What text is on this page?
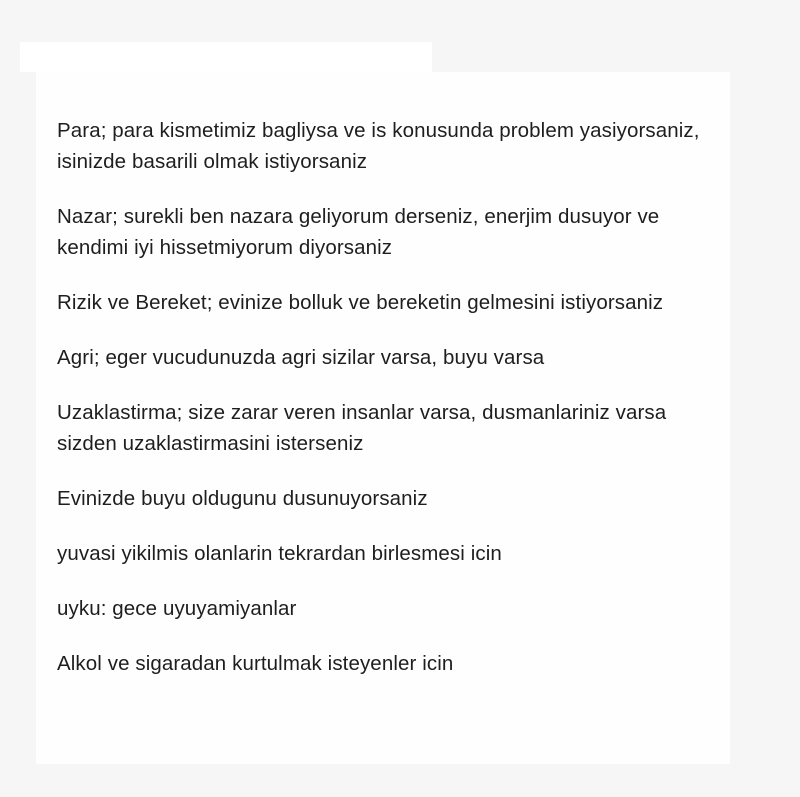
Para; para kismetimiz bagliysa ve is konusunda problem yasiyorsaniz, isinizde basarili olmak istiyorsaniz
Nazar; surekli ben nazara geliyorum derseniz, enerjim dusuyor ve kendimi iyi hissetmiyorum diyorsaniz
Rizik ve Bereket; evinize bolluk ve bereketin gelmesini istiyorsaniz
Agri; eger vucudunuzda agri sizilar varsa, buyu varsa
Uzaklastirma; size zarar veren insanlar varsa, dusmanlariniz varsa sizden uzaklastirmasini isterseniz
Evinizde buyu oldugunu dusunuyorsaniz
yuvasi yikilmis olanlarin tekrardan birlesmesi icin
uyku: gece uyuyamiyanlar
Alkol ve sigaradan kurtulmak isteyenler icin
